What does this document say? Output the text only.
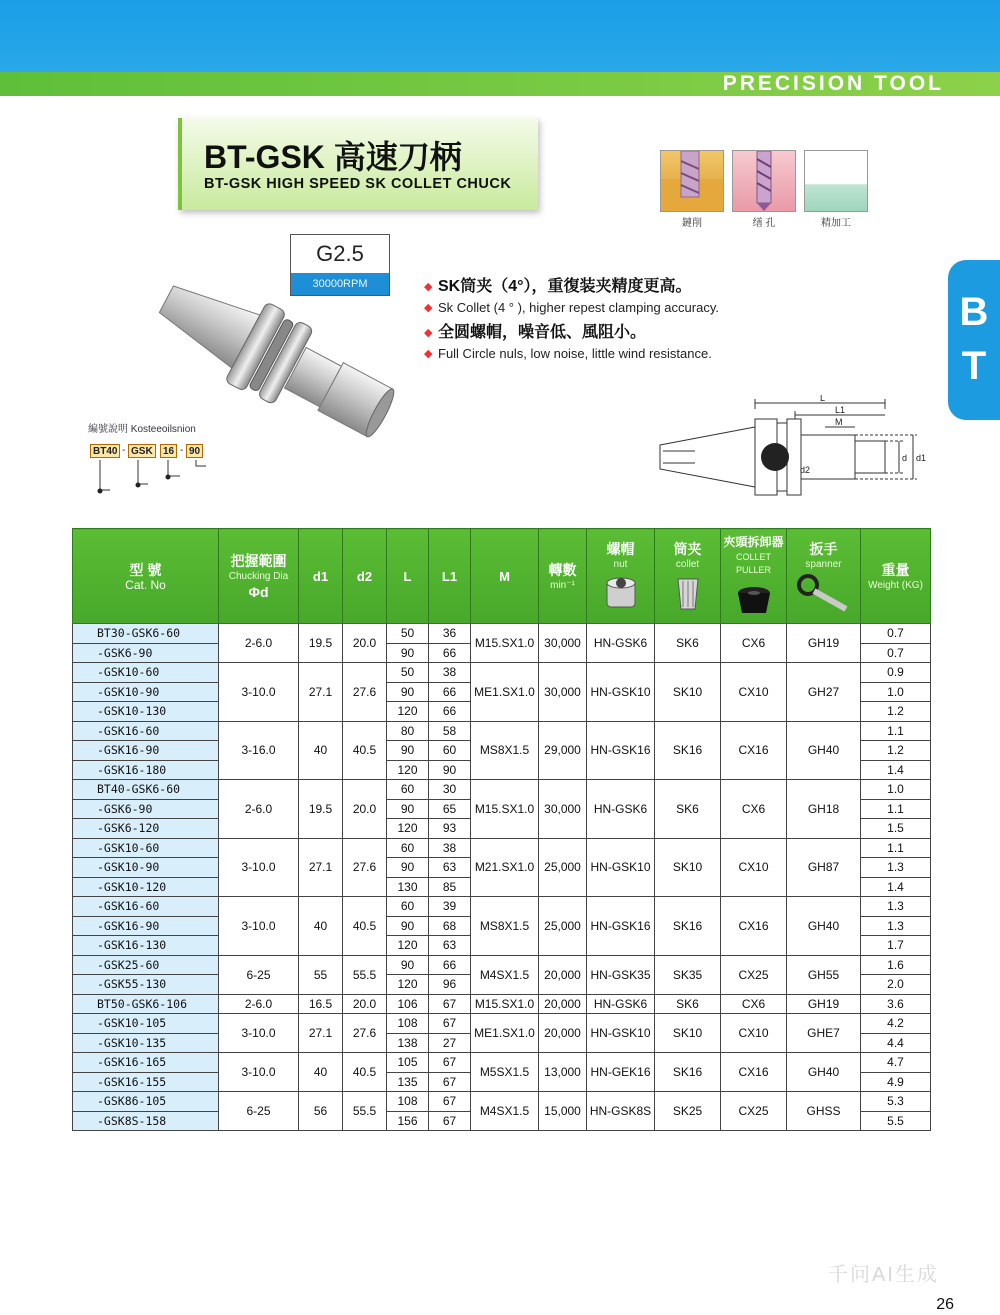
PRECISION TOOL
BT-GSK 高速刀柄
BT-GSK HIGH SPEED SK COLLET CHUCK
鏈削	缮 孔	精加工
G2.5
30000RPM	◆ SK筒夹（4°），重復装夹精度更高。
◆ Sk Collet (4 ° ), higher repest clamping accuracy.
◆ 全圆螺帽，噪音低、風阻小。
◆ Full Circle nuls, low noise, little wind resistance.
B
T
編號說明 Kosteeoilsnion
BT40 - GSK	16 - 90
L
L1
M
d2
d d1
型 號
Cat. No	把握範圍
Chucking Dia
Φd	d1	d2	L	L1	M	轉數
min⁻¹	螺帽
nut	筒夹
collet	夾頭拆卸器
COLLET PULLER	扳手
spanner	重量
Weight (KG)

BT30-GSK6-60	2-6.0	19.5	20.0	50	36	M15.SX1.0	30,000	HN-GSK6	SK6	CX6	GH19	0.7
-GSK6-90				90	66							0.7
-GSK10-60	3-10.0	27.1	27.6	50	38	ME1.SX1.0	30,000	HN-GSK10	SK10	CX10	GH27	0.9
-GSK10-90				90	66							1.0
-GSK10-130				120	66							1.2
-GSK16-60	3-16.0	40	40.5	80	58	MS8X1.5	29,000	HN-GSK16	SK16	CX16	GH40	1.1
-GSK16-90				90	60							1.2
-GSK16-180				120	90							1.4
BT40-GSK6-60	2-6.0	19.5	20.0	60	30	M15.SX1.0	30,000	HN-GSK6	SK6	CX6	GH18	1.0
-GSK6-90				90	65							1.1
-GSK6-120				120	93							1.5
-GSK10-60	3-10.0	27.1	27.6	60	38	M21.SX1.0	25,000	HN-GSK10	SK10	CX10	GH87	1.1
-GSK10-90				90	63							1.3
-GSK10-120				130	85							1.4
-GSK16-60	3-10.0	40	40.5	60	39	MS8X1.5	25,000	HN-GSK16	SK16	CX16	GH40	1.3
-GSK16-90				90	68							1.3
-GSK16-130				120	63							1.7
-GSK25-60	6-25	55	55.5	90	66	M4SX1.5	20,000	HN-GSK35	SK35	CX25	GH55	1.6
-GSK55-130				120	96							2.0
BT50-GSK6-106	2-6.0	16.5	20.0	106	67	M15.SX1.0	20,000	HN-GSK6	SK6	CX6	GH19	3.6
-GSK10-105	3-10.0	27.1	27.6	108	67	ME1.SX1.0	20,000	HN-GSK10	SK10	CX10	GHE7	4.2
-GSK10-135				138	27							4.4
-GSK16-165	3-10.0	40	40.5	105	67	M5SX1.5	13,000	HN-GEK16	SK16	CX16	GH40	4.7
-GSK16-155				135	67							4.9
-GSK86-105	6-25	56	55.5	108	67	M4SX1.5	15,000	HN-GSK8S	SK25	CX25	GHSS	5.3
-GSK8S-158				156	67							5.5
千问AI生成
26
